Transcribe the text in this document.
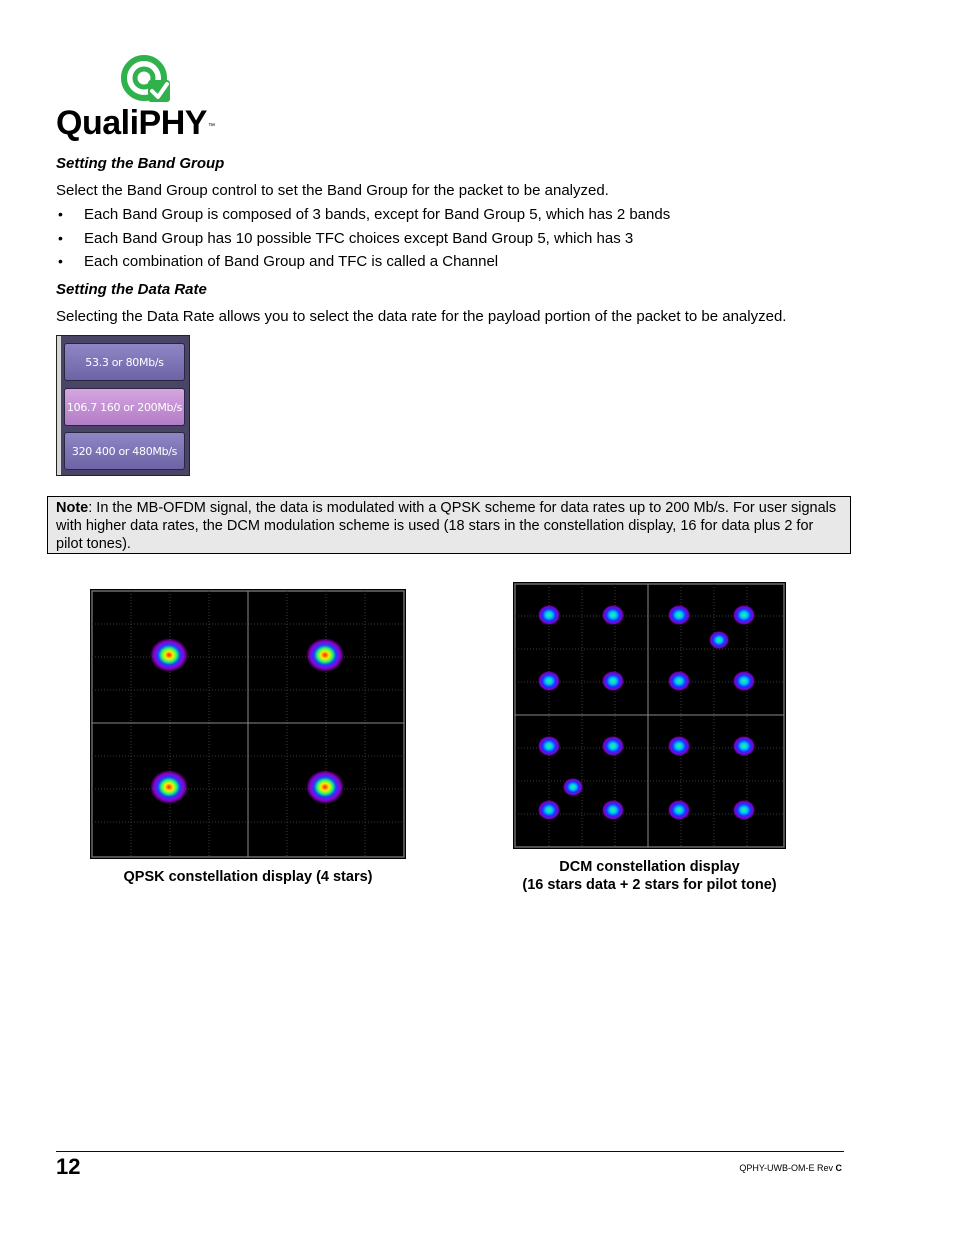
QualiPHY™
Setting the Band Group
Select the Band Group control to set the Band Group for the packet to be analyzed.
• Each Band Group is composed of 3 bands, except for Band Group 5, which has 2 bands
• Each Band Group has 10 possible TFC choices except Band Group 5, which has 3
• Each combination of Band Group and TFC is called a Channel
Setting the Data Rate
Selecting the Data Rate allows you to select the data rate for the payload portion of the packet to be analyzed.
53.3 or 80Mb/s
106.7 160 or 200Mb/s
320 400 or 480Mb/s
Note: In the MB-OFDM signal, the data is modulated with a QPSK scheme for data rates up to 200 Mb/s. For user signals with higher data rates, the DCM modulation scheme is used (18 stars in the constellation display, 16 for data plus 2 for pilot tones).
QPSK constellation display (4 stars)
DCM constellation display
(16 stars data + 2 stars for pilot tone)
12	QPHY-UWB-OM-E Rev C
